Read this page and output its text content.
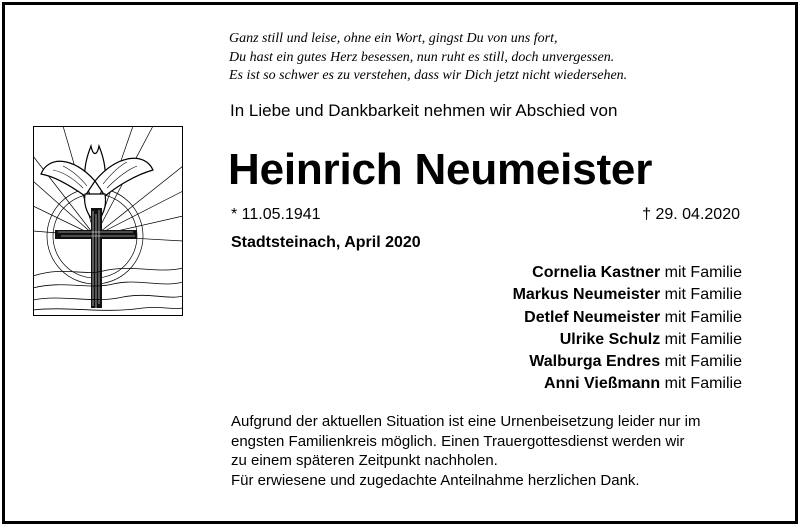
Ganz still und leise, ohne ein Wort, gingst Du von uns fort,
Du hast ein gutes Herz besessen, nun ruht es still, doch unvergessen.
Es ist so schwer es zu verstehen, dass wir Dich jetzt nicht wiedersehen.
In Liebe und Dankbarkeit nehmen wir Abschied von
Heinrich Neumeister
* 11.05.1941	† 29. 04.2020
Stadtsteinach, April 2020
Cornelia Kastner mit Familie
Markus Neumeister mit Familie
Detlef Neumeister mit Familie
Ulrike Schulz mit Familie
Walburga Endres mit Familie
Anni Vießmann mit Familie
Aufgrund der aktuellen Situation ist eine Urnenbeisetzung leider nur im
engsten Familienkreis möglich. Einen Trauergottesdienst werden wir
zu einem späteren Zeitpunkt nachholen.
Für erwiesene und zugedachte Anteilnahme herzlichen Dank.
